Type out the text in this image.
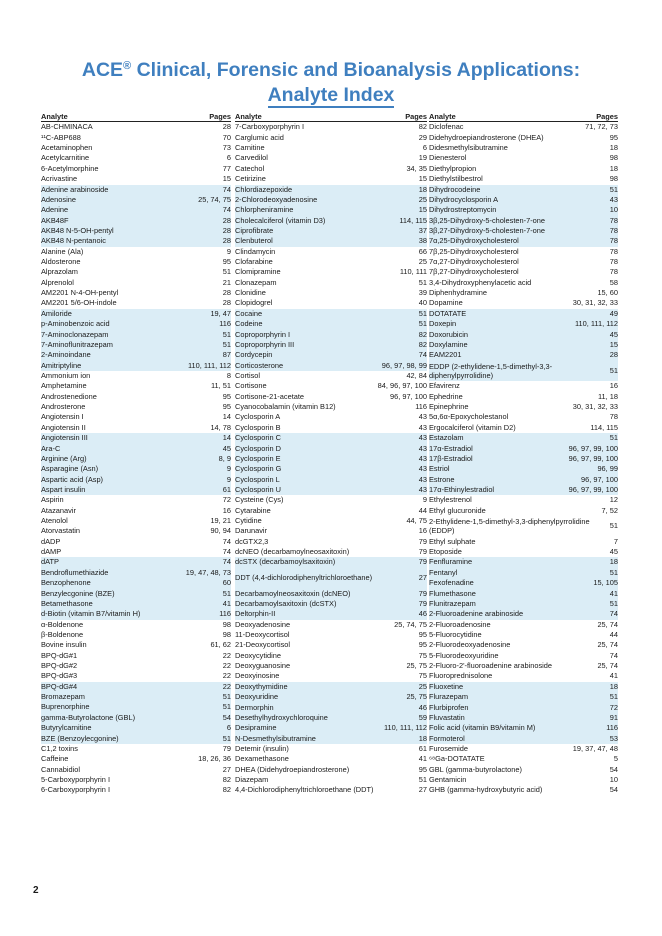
ACE® Clinical, Forensic and Bioanalysis Applications:
Analyte Index
Analyte	Pages
AB-CHMINACA	28
¹¹C-ABP688	70
Acetaminophen	73
Acetylcarnitine	6
6-Acetylmorphine	77
Acrivastine	15
Adenine arabinoside	74
Adenosine	25, 74, 75
Adenine	74
AKB48F	28
AKB48 N-5-OH-pentyl	28
AKB48 N-pentanoic	28
Alanine (Ala)	9
Aldosterone	95
Alprazolam	51
Alprenolol	21
AM2201 N-4-OH-pentyl	28
AM2201 5/6-OH-indole	28
Amiloride	19, 47
p-Aminobenzoic acid	116
7-Aminoclonazepam	51
7-Aminoflunitrazepam	51
2-Aminoindane	87
Amitriptyline	110, 111, 112
Ammonium ion	8
Amphetamine	11, 51
Androstenedione	95
Androsterone	95
Angiotensin I	14
Angiotensin II	14, 78
Angiotensin III	14
Ara-C	45
Arginine (Arg)	8, 9
Asparagine (Asn)	9
Aspartic acid (Asp)	9
Aspart insulin	61
Aspirin	72
Atazanavir	16
Atenolol	19, 21
Atorvastatin	90, 94
dADP	74
dAMP	74
dATP	74
Bendroflumethiazide	19, 47, 48, 73
Benzophenone	60
Benzylecgonine (BZE)	51
Betamethasone	41
d-Biotin (vitamin B7/vitamin H)	116
α-Boldenone	98
β-Boldenone	98
Bovine insulin	61, 62
BPQ-dG#1	22
BPQ-dG#2	22
BPQ-dG#3	22
BPQ-dG#4	22
Bromazepam	51
Buprenorphine	51
gamma-Butyrolactone (GBL)	54
Butyrylcarnitine	6
BZE (Benzoylecgonine)	51
C1,2 toxins	79
Caffeine	18, 26, 36
Cannabidiol	27
5-Carboxyporphyrin I	82
6-Carboxyporphyrin I	82
Analyte	Pages
7-Carboxyporphyrin I	82
Carglumic acid	29
Carnitine	6
Carvedilol	19
Catechol	34, 35
Cetirizine	15
Chlordiazepoxide	18
2-Chlorodeoxyadenosine	25
Chlorpheniramine	15
Cholecalciferol (vitamin D3)	114, 115
Ciprofibrate	37
Clenbuterol	38
Clindamycin	66
Clofarabine	25
Clomipramine	110, 111
Clonazepam	51
Clonidine	39
Clopidogrel	40
Cocaine	51
Codeine	51
Coproporphyrin I	82
Coproporphyrin III	82
Cordycepin	74
Corticosterone	96, 97, 98, 99
Cortisol	42, 84
Cortisone	84, 96, 97, 100
Cortisone-21-acetate	96, 97, 100
Cyanocobalamin (vitamin B12)	116
Cyclosporin A	43
Cyclosporin B	43
Cyclosporin C	43
Cyclosporin D	43
Cyclosporin E	43
Cyclosporin G	43
Cyclosporin L	43
Cyclosporin U	43
Cysteine (Cys)	9
Cytarabine	44
Cytidine	44, 75
Darunavir	16
dcGTX2,3	79
dcNEO (decarbamoylneosaxitoxin)	79
dcSTX (decarbamoylsaxitoxin)	79
DDT (4,4-dichlorodiphenyltrichloroethane)	27
Decarbamoylneosaxitoxin (dcNEO)	79
Decarbamoylsaxitoxin (dcSTX)	79
Deltorphin-II	46
Deoxyadenosine	25, 74, 75
11-Deoxycortisol	95
21-Deoxycortisol	95
Deoxycytidine	75
Deoxyguanosine	25, 75
Deoxyinosine	75
Deoxythymidine	25
Deoxyuridine	25, 75
Dermorphin	46
Desethylhydroxychloroquine	59
Desipramine	110, 111, 112
N-Desmethylsibutramine	18
Detemir (insulin)	61
Dexamethasone	41
DHEA (Didehydroepiandrosterone)	95
Diazepam	51
4,4-Dichlorodiphenyltrichloroethane (DDT)	27
Analyte	Pages
Diclofenac	71, 72, 73
Didehydroepiandrosterone (DHEA)	95
Didesmethylsibutramine	18
Dienesterol	98
Diethylpropion	18
Diethylstilbestrol	98
Dihydrocodeine	51
Dihydrocyclosporin A	43
Dihydrostreptomycin	10
3β,25-Dihydroxy-5-cholesten-7-one	78
3β,27-Dihydroxy-5-cholesten-7-one	78
7α,25-Dihydroxycholesterol	78
7β,25-Dihydroxycholesterol	78
7α,27-Dihydroxycholesterol	78
7β,27-Dihydroxycholesterol	78
3,4-Dihydroxyphenylacetic acid	58
Diphenhydramine	15, 60
Dopamine	30, 31, 32, 33
DOTATATE	49
Doxepin	110, 111, 112
Doxorubicin	45
Doxylamine	15
EAM2201	28
EDDP (2-ethylidene-1,5-dimethyl-3,3-diphenylpyrrolidine)
51
Efavirenz	16
Ephedrine	11, 18
Epinephrine	30, 31, 32, 33
5α,6α-Epoxycholestanol	78
Ergocalciferol (vitamin D2)	114, 115
Estazolam	51
17α-Estradiol	96, 97, 99, 100
17β-Estradiol	96, 97, 99, 100
Estriol	96, 99
Estrone	96, 97, 100
17α-Ethinylestradiol	96, 97, 99, 100
Ethylestrenol	12
Ethyl glucuronide	7, 52
2-Ethylidene-1,5-dimethyl-3,3-diphenylpyrrolidine (EDDP)
51
Ethyl sulphate	7
Etoposide	45
Fenfluramine	18
Fentanyl	51
Fexofenadine	15, 105
Flumethasone	41
Flunitrazepam	51
2-Fluoroadenine arabinoside	74
2-Fluoroadenosine	25, 74
5-Fluorocytidine	44
2-Fluorodeoxyadenosine	25, 74
5-Fluorodeoxyuridine	74
2-Fluoro-2'-fluoroadenine arabinoside	25, 74
Fluoroprednisolone	41
Fluoxetine	18
Flurazepam	51
Flurbiprofen	72
Fluvastatin	91
Folic acid (vitamin B9/vitamin M)	116
Formoterol	53
Furosemide	19, 37, 47, 48
⁶⁸Ga-DOTATATE	5
GBL (gamma-butyrolactone)	54
Gentamicin	10
GHB (gamma-hydroxybutyric acid)	54
2
